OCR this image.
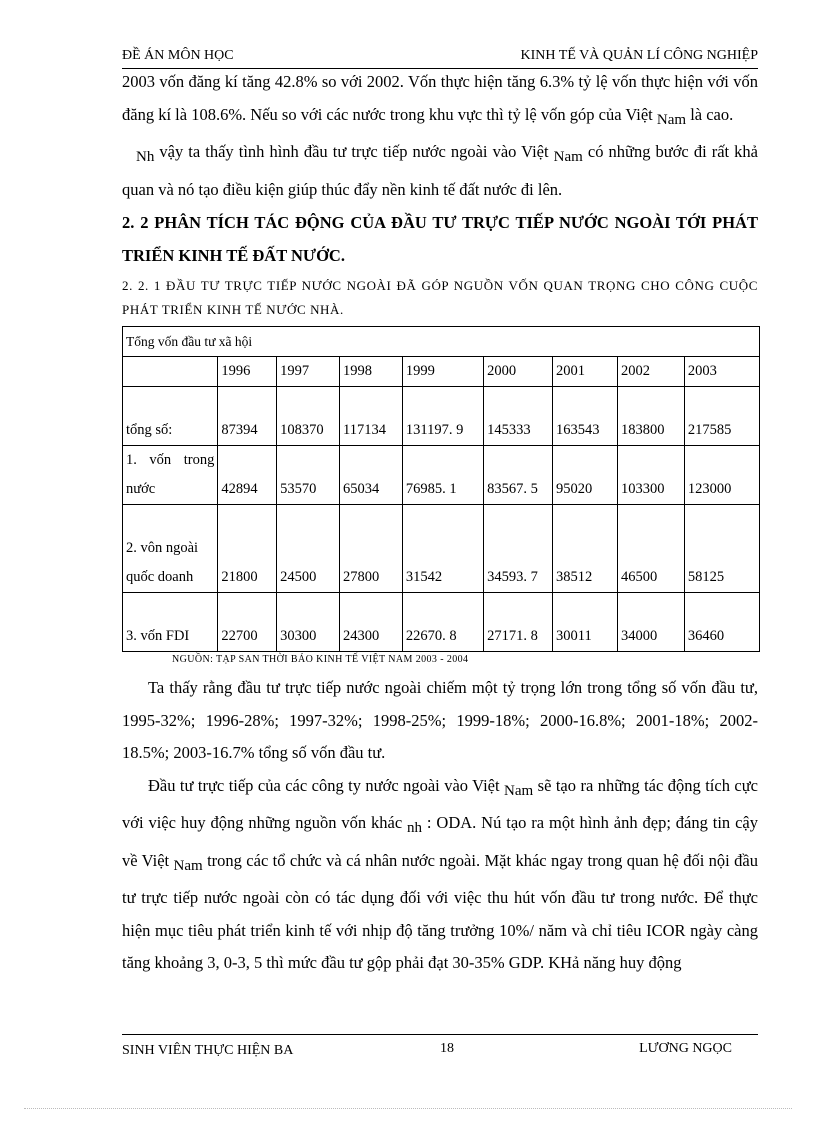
ĐỀ ÁN MÔN HỌC	KINH TẾ VÀ QUẢN LÍ CÔNG NGHIỆP

2003 vốn đăng kí tăng 42.8% so với 2002. Vốn thực hiện tăng 6.3% tỷ lệ vốn thực hiện với vốn đăng kí là 108.6%. Nếu so với các nước trong khu vực thì tỷ lệ vốn góp của Việt Nam là cao.

Nh vậy ta thấy tình hình đầu tư trực tiếp nước ngoài vào Việt Nam có những bước đi rất khả quan và nó tạo điều kiện giúp thúc đẩy nền kinh tế đất nước đi lên.

2. 2 PHÂN TÍCH TÁC ĐỘNG CỦA ĐẦU TƯ TRỰC TIẾP NƯỚC NGOÀI TỚI PHÁT TRIỂN KINH TẾ ĐẤT NƯỚC.

2. 2. 1 ĐẦU TƯ TRỰC TIẾP NƯỚC NGOÀI ĐÃ GÓP NGUỒN VỐN QUAN TRỌNG CHO CÔNG CUỘC PHÁT TRIỂN KINH TẾ NƯỚC NHÀ.

Tổng vốn đầu tư xã hội								
	1996	1997	1998	1999	2000	2001	2002	2003
tổng số:	87394	108370	117134	131197. 9	145333	163543	183800	217585
1. vốn trong nước	42894	53570	65034	76985. 1	83567. 5	95020	103300	123000
2. vôn ngoài quốc doanh	21800	24500	27800	31542	34593. 7	38512	46500	58125
3. vốn FDI	22700	30300	24300	22670. 8	27171. 8	30011	34000	36460
NGUỒN: TẠP SAN THỜI BÁO KINH TẾ VIỆT NAM 2003 - 2004

Ta thấy rằng đầu tư trực tiếp nước ngoài chiếm một tỷ trọng lớn trong tổng số vốn đầu tư, 1995-32%; 1996-28%; 1997-32%; 1998-25%; 1999-18%; 2000-16.8%; 2001-18%; 2002-18.5%; 2003-16.7% tổng số vốn đầu tư.

Đầu tư trực tiếp của các công ty nước ngoài vào Việt Nam sẽ tạo ra những tác động tích cực với việc huy động những nguồn vốn khác nh : ODA. Nú tạo ra một hình ảnh đẹp; đáng tin cậy về Việt Nam trong các tổ chức và cá nhân nước ngoài. Mặt khác ngay trong quan hệ đối nội đầu tư trực tiếp nước ngoài còn có tác dụng đối với việc thu hút vốn đầu tư trong nước. Để thực hiện mục tiêu phát triển kinh tế với nhịp độ tăng trưởng 10%/ năm và chỉ tiêu ICOR ngày càng tăng khoảng 3, 0-3, 5 thì mức đầu tư gộp phải đạt 30-35% GDP. KHả năng huy động

SINH VIÊN THỰC HIỆN BA	18	LƯƠNG NGỌC
